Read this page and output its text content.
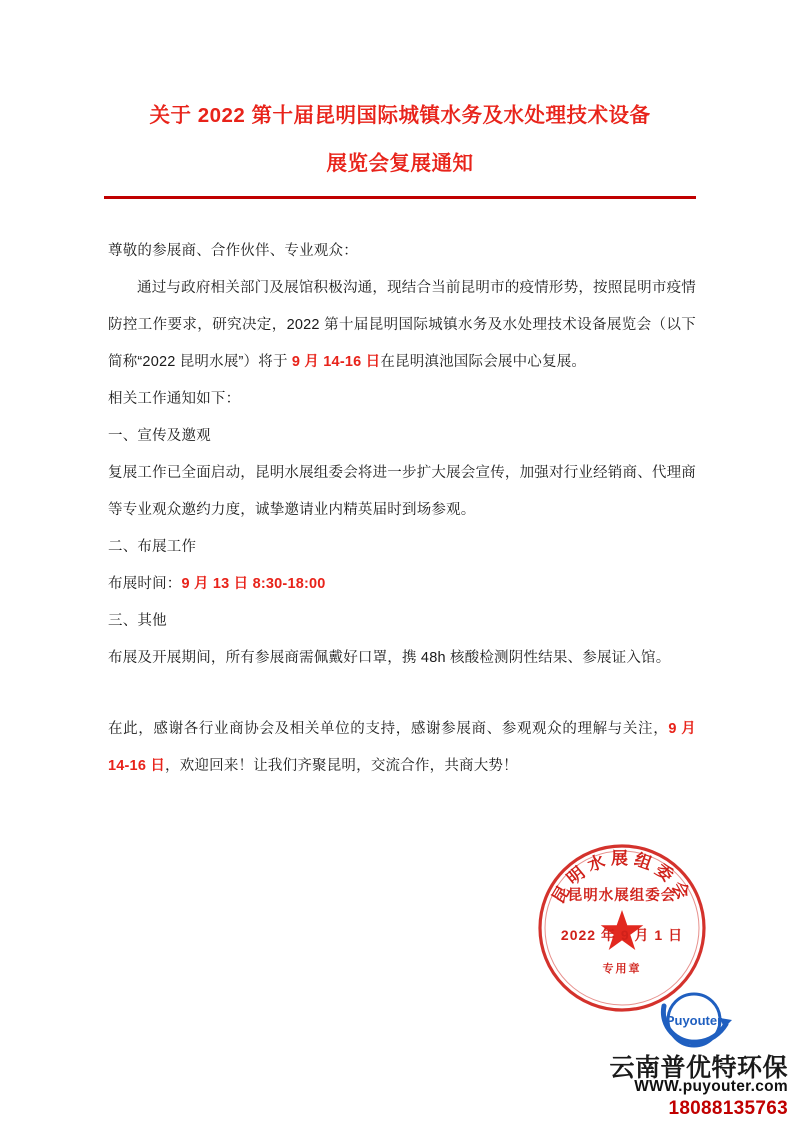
关于 2022 第十届昆明国际城镇水务及水处理技术设备
展览会复展通知

尊敬的参展商、合作伙伴、专业观众：

通过与政府相关部门及展馆积极沟通，现结合当前昆明市的疫情形势，按照昆明市疫情防控工作要求，研究决定，2022 第十届昆明国际城镇水务及水处理技术设备展览会（以下简称“2022 昆明水展”）将于 9 月 14-16 日在昆明滇池国际会展中心复展。

相关工作通知如下：

一、宣传及邀观

复展工作已全面启动，昆明水展组委会将进一步扩大展会宣传，加强对行业经销商、代理商等专业观众邀约力度，诚挚邀请业内精英届时到场参观。

二、布展工作

布展时间：9 月 13 日 8:30-18:00

三、其他

布展及开展期间，所有参展商需佩戴好口罩，携 48h 核酸检测阴性结果、参展证入馆。

在此，感谢各行业商协会及相关单位的支持，感谢参展商、参观观众的理解与关注，9 月 14-16 日，欢迎回来！让我们齐聚昆明，交流合作，共商大势！

昆明水展组委会
昆明水展组委会
2022 年 9 月 1 日
专用章
Puyouter
云南普优特环保
WWW.puyouter.com
18088135763
